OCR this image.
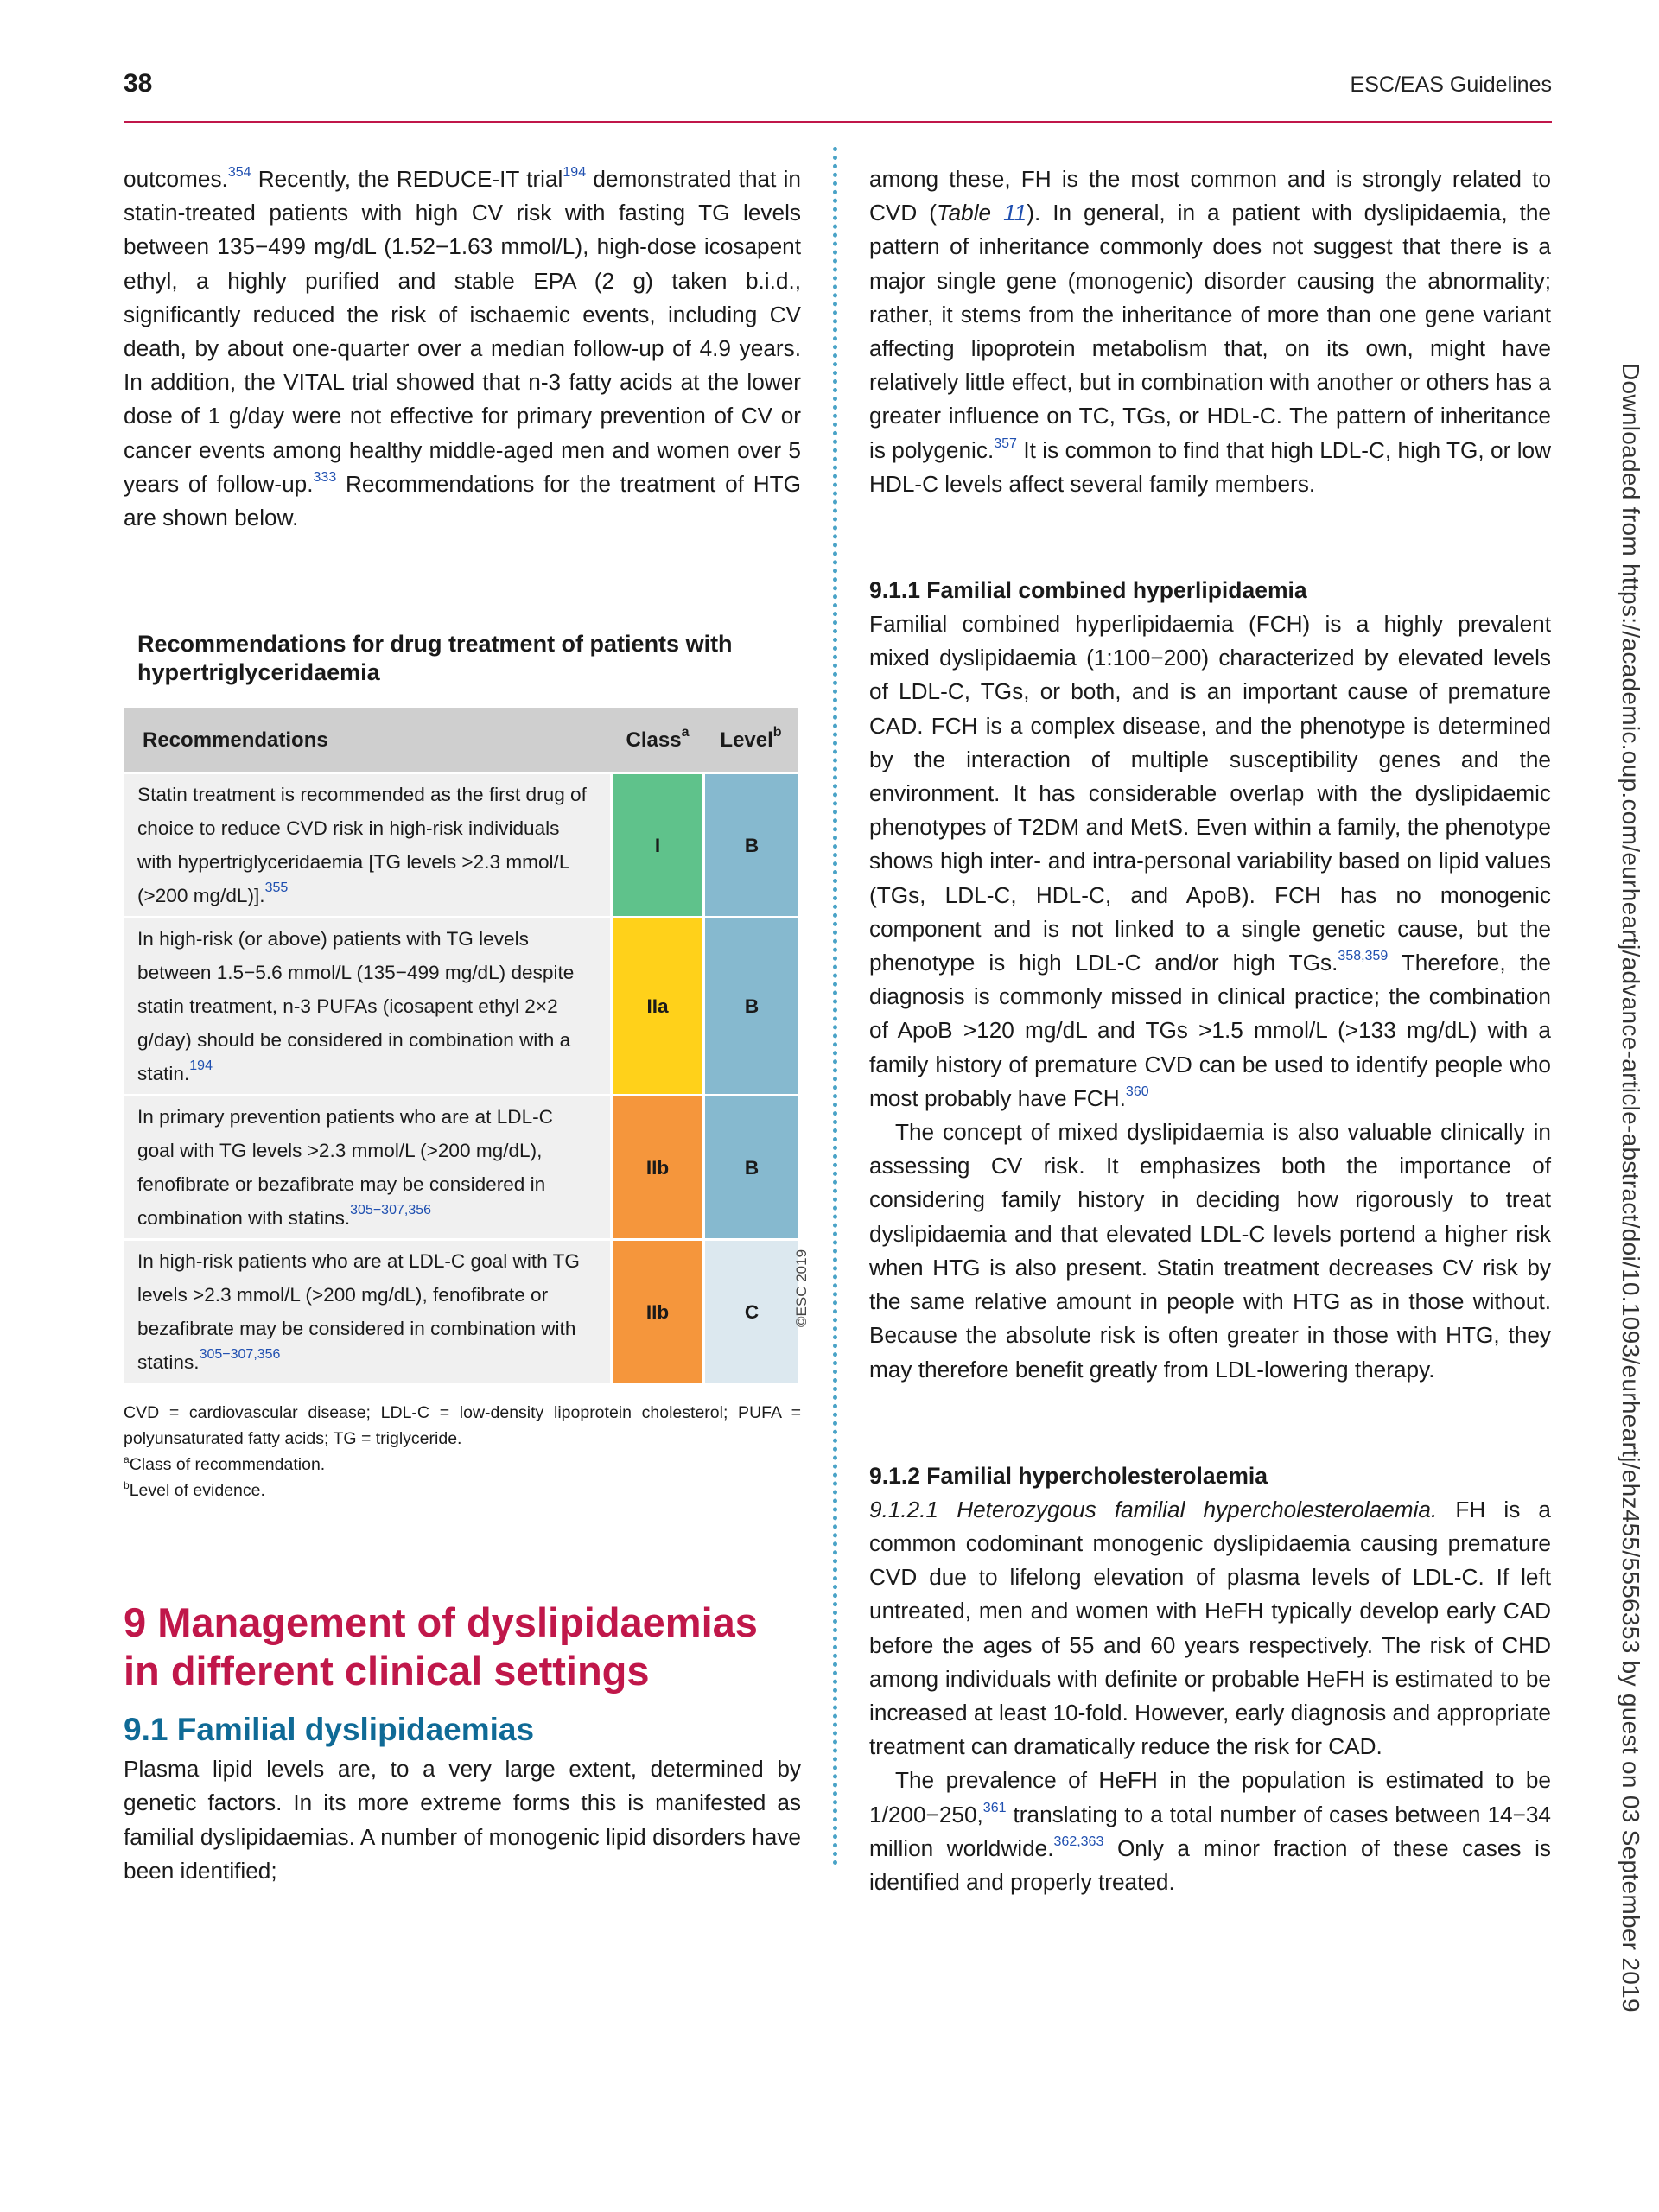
38	ESC/EAS Guidelines

outcomes.$^{354}$ Recently, the REDUCE-IT trial$^{194}$ demonstrated that in statin-treated patients with high CV risk with fasting TG levels between 135−499 mg/dL (1.52−1.63 mmol/L), high-dose icosapent ethyl, a highly purified and stable EPA (2 g) taken b.i.d., significantly reduced the risk of ischaemic events, including CV death, by about one-quarter over a median follow-up of 4.9 years. In addition, the VITAL trial showed that n-3 fatty acids at the lower dose of 1 g/day were not effective for primary prevention of CV or cancer events among healthy middle-aged men and women over 5 years of follow-up.$^{333}$ Recommendations for the treatment of HTG are shown below.

Recommendations for drug treatment of patients with hypertriglyceridaemia
Recommendations	Class$^a$	Level$^b$
Statin treatment is recommended as the first drug of choice to reduce CVD risk in high-risk individuals with hypertriglyceridaemia [TG levels >2.3 mmol/L (>200 mg/dL)].$^{355}$	I	B
In high-risk (or above) patients with TG levels between 1.5−5.6 mmol/L (135−499 mg/dL) despite statin treatment, n-3 PUFAs (icosapent ethyl 2×2 g/day) should be considered in combination with a statin.$^{194}$	IIa	B
In primary prevention patients who are at LDL-C goal with TG levels >2.3 mmol/L (>200 mg/dL), fenofibrate or bezafibrate may be considered in combination with statins.$^{305-307,356}$	IIb	B
In high-risk patients who are at LDL-C goal with TG levels >2.3 mmol/L (>200 mg/dL), fenofibrate or bezafibrate may be considered in combination with statins.$^{305-307,356}$	IIb	C

CVD = cardiovascular disease; LDL-C = low-density lipoprotein cholesterol; PUFA = polyunsaturated fatty acids; TG = triglyceride.

$^a$Class of recommendation.
$^b$Level of evidence.
9 Management of dyslipidaemias in different clinical settings
9.1 Familial dyslipidaemias

Plasma lipid levels are, to a very large extent, determined by genetic factors. In its more extreme forms this is manifested as familial dyslipidaemias. A number of monogenic lipid disorders have been identified;

©ESC 2019

among these, FH is the most common and is strongly related to CVD (Table 11). In general, in a patient with dyslipidaemia, the pattern of inheritance commonly does not suggest that there is a major single gene (monogenic) disorder causing the abnormality; rather, it stems from the inheritance of more than one gene variant affecting lipoprotein metabolism that, on its own, might have relatively little effect, but in combination with another or others has a greater influence on TC, TGs, or HDL-C. The pattern of inheritance is polygenic.$^{357}$ It is common to find that high LDL-C, high TG, or low HDL-C levels affect several family members.

9.1.1 Familial combined hyperlipidaemia

Familial combined hyperlipidaemia (FCH) is a highly prevalent mixed dyslipidaemia (1:100−200) characterized by elevated levels of LDL-C, TGs, or both, and is an important cause of premature CAD. FCH is a complex disease, and the phenotype is determined by the interaction of multiple susceptibility genes and the environment. It has considerable overlap with the dyslipidaemic phenotypes of T2DM and MetS. Even within a family, the phenotype shows high inter- and intra-personal variability based on lipid values (TGs, LDL-C, HDL-C, and ApoB). FCH has no monogenic component and is not linked to a single genetic cause, but the phenotype is high LDL-C and/or high TGs.$^{358,359}$ Therefore, the diagnosis is commonly missed in clinical practice; the combination of ApoB >120 mg/dL and TGs >1.5 mmol/L (>133 mg/dL) with a family history of premature CVD can be used to identify people who most probably have FCH.$^{360}$

The concept of mixed dyslipidaemia is also valuable clinically in assessing CV risk. It emphasizes both the importance of considering family history in deciding how rigorously to treat dyslipidaemia and that elevated LDL-C levels portend a higher risk when HTG is also present. Statin treatment decreases CV risk by the same relative amount in people with HTG as in those without. Because the absolute risk is often greater in those with HTG, they may therefore benefit greatly from LDL-lowering therapy.

9.1.2 Familial hypercholesterolaemia

9.1.2.1 Heterozygous familial hypercholesterolaemia. FH is a common codominant monogenic dyslipidaemia causing premature CVD due to lifelong elevation of plasma levels of LDL-C. If left untreated, men and women with HeFH typically develop early CAD before the ages of 55 and 60 years respectively. The risk of CHD among individuals with definite or probable HeFH is estimated to be increased at least 10-fold. However, early diagnosis and appropriate treatment can dramatically reduce the risk for CAD.

The prevalence of HeFH in the population is estimated to be 1/200−250,$^{361}$ translating to a total number of cases between 14−34 million worldwide.$^{362,363}$ Only a minor fraction of these cases is identified and properly treated.	Downloaded from https://academic.oup.com/eurheartj/advance-article-abstract/doi/10.1093/eurheartj/ehz455/5556353 by guest on 03 September 2019
